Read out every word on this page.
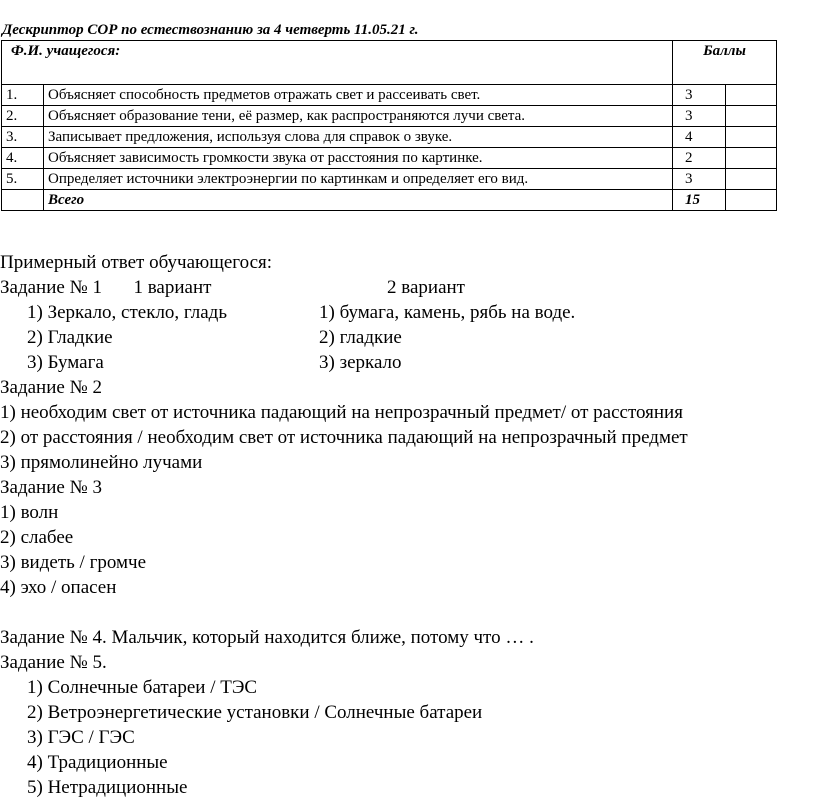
Дескриптор СОР по естествознанию за 4 четверть 11.05.21 г.
Ф.И. учащегося:		Баллы	
1.	Объясняет способность предметов отражать свет и рассеивать свет.	3	
2.	Объясняет образование тени, её размер, как распространяются лучи света.	3	
3.	Записывает предложения, используя слова для справок о звуке.	4	
4.	Объясняет зависимость громкости звука от расстояния по картинке.	2	
5.	Определяет источники электроэнергии по картинкам и определяет его вид.	3	
	Всего	15	
Примерный ответ обучающегося:
Задание № 1 1 вариант	2 вариант
1) Зеркало, стекло, гладь	1) бумага, камень, рябь на воде.
2) Гладкие	2) гладкие
3) Бумага	3) зеркало
Задание № 2
1) необходим свет от источника падающий на непрозрачный предмет/ от расстояния
2) от расстояния / необходим свет от источника падающий на непрозрачный предмет
3) прямолинейно лучами
Задание № 3
1) волн
2) слабее
3) видеть / громче
4) эхо / опасен
Задание № 4. Мальчик, который находится ближе, потому что … .
Задание № 5.
1) Солнечные батареи / ТЭС
2) Ветроэнергетические установки / Солнечные батареи
3) ГЭС / ГЭС
4) Традиционные
5) Нетрадиционные
